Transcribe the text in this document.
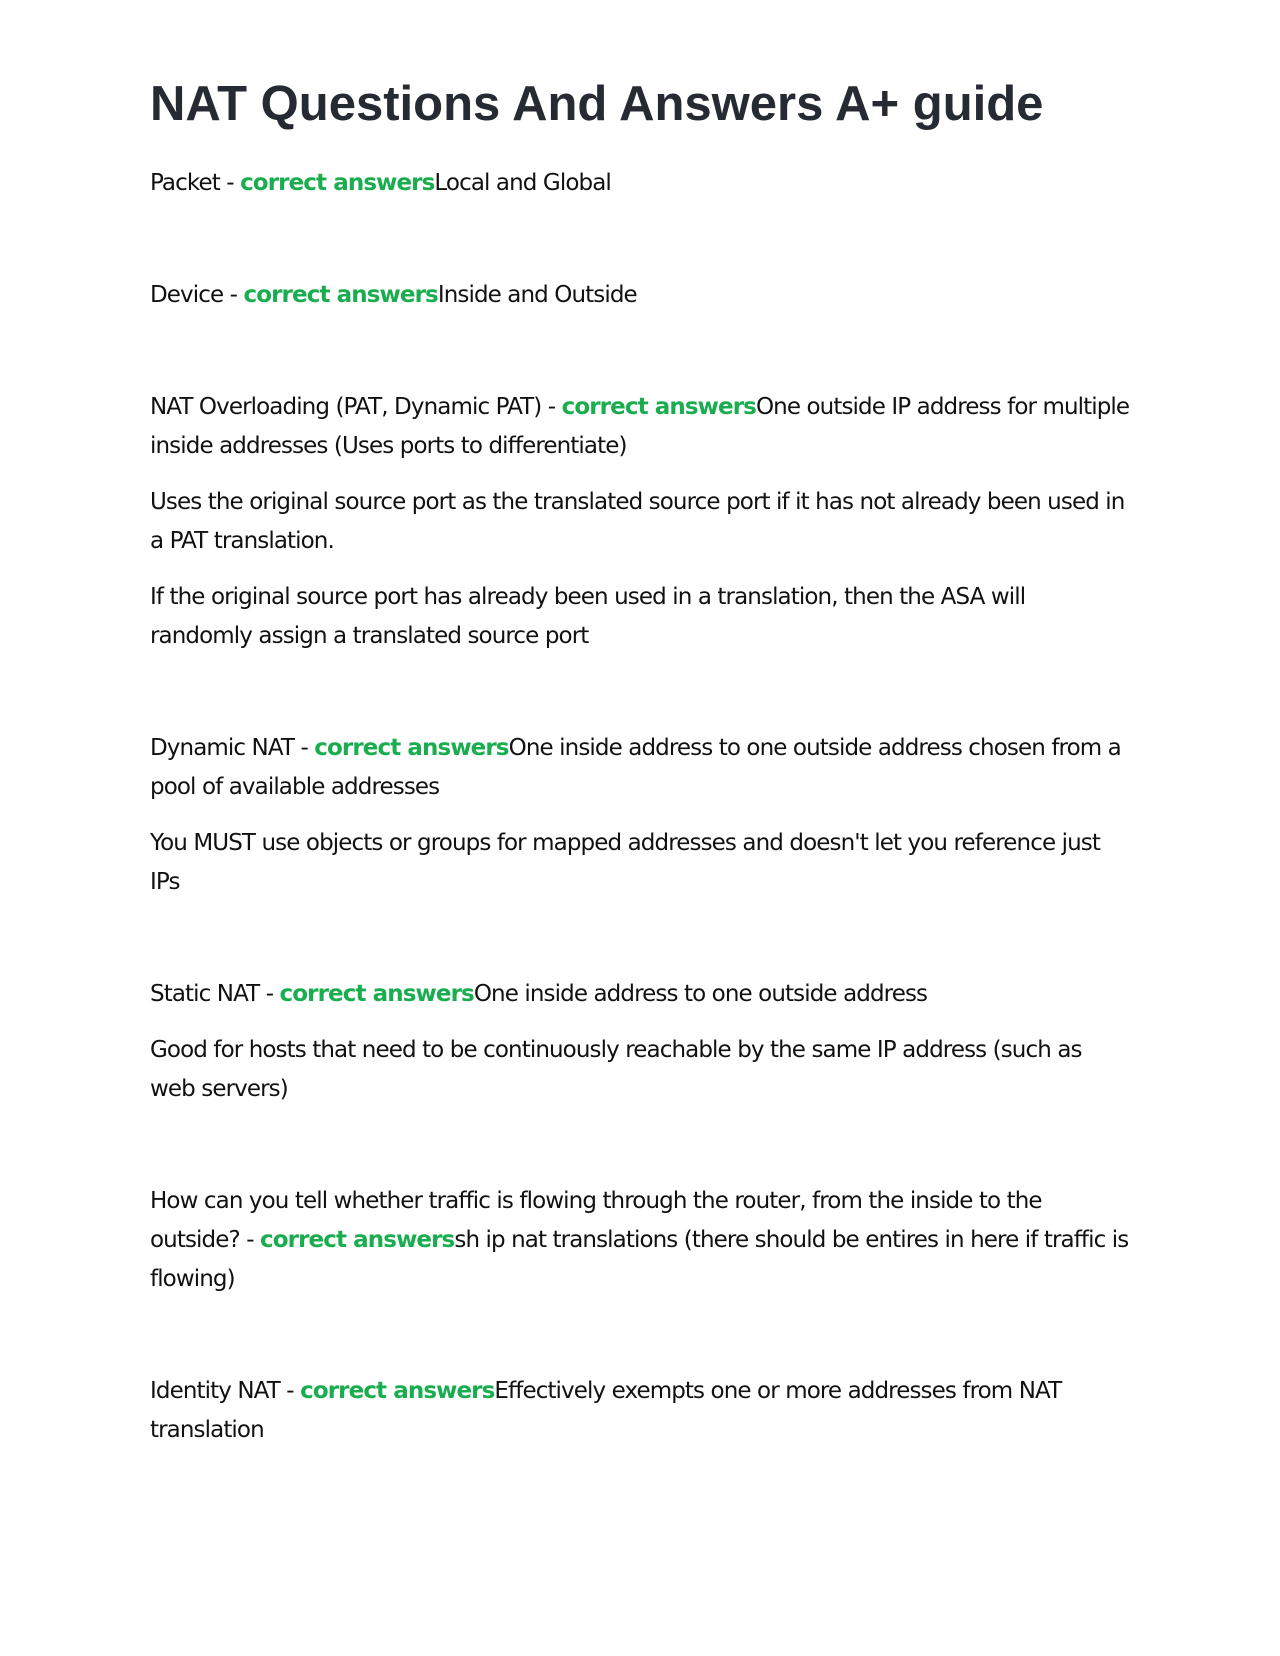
NAT Questions And Answers A+ guide

Packet - correct answersLocal and Global

Device - correct answersInside and Outside

NAT Overloading (PAT, Dynamic PAT) - correct answersOne outside IP address for multiple inside addresses (Uses ports to differentiate)

Uses the original source port as the translated source port if it has not already been used in a PAT translation.

If the original source port has already been used in a translation, then the ASA will randomly assign a translated source port

Dynamic NAT - correct answersOne inside address to one outside address chosen from a pool of available addresses

You MUST use objects or groups for mapped addresses and doesn't let you reference just IPs

Static NAT - correct answersOne inside address to one outside address

Good for hosts that need to be continuously reachable by the same IP address (such as web servers)

How can you tell whether traffic is flowing through the router, from the inside to the outside? - correct answerssh ip nat translations (there should be entires in here if traffic is flowing)

Identity NAT - correct answersEffectively exempts one or more addresses from NAT translation
